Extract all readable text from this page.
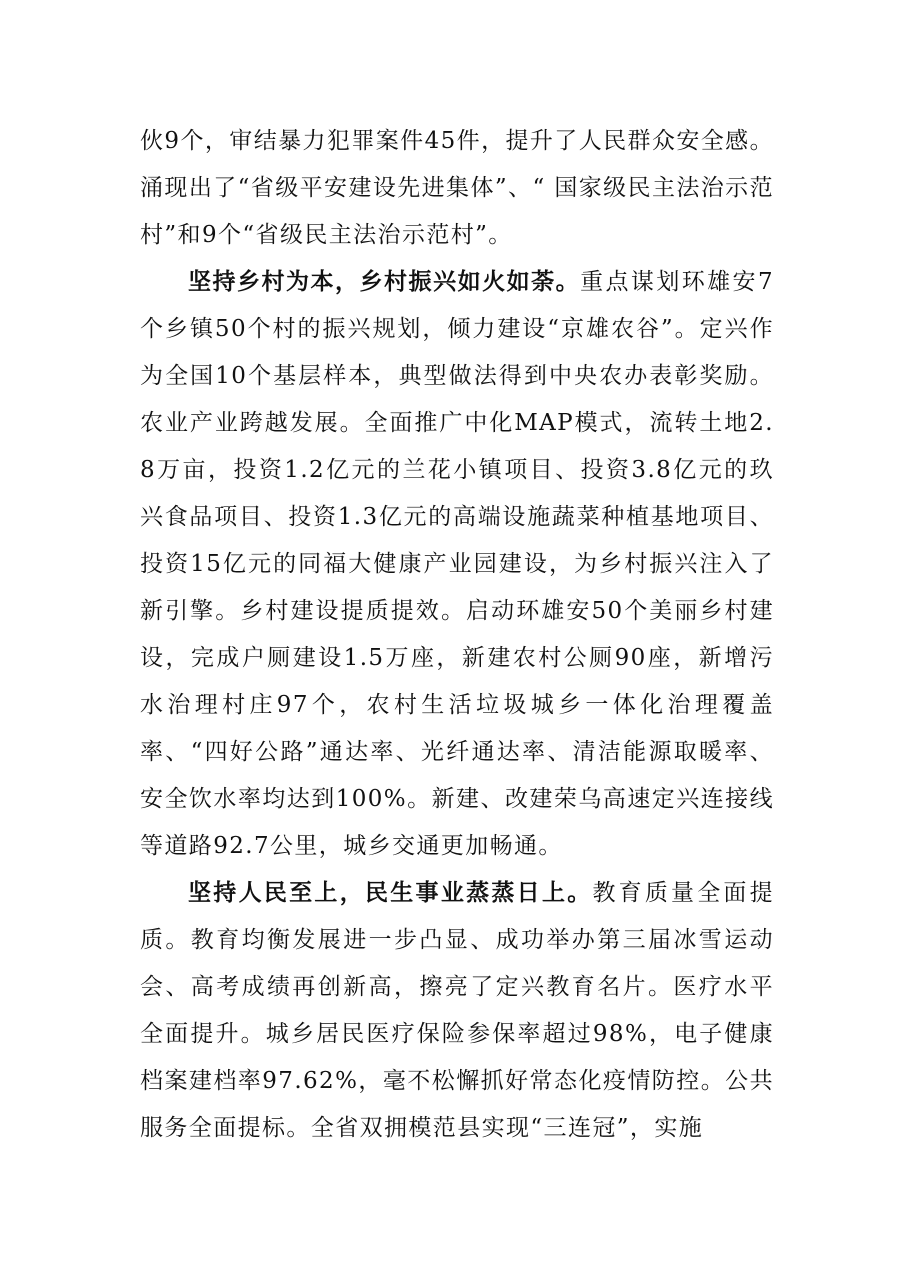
伙9个，审结暴力犯罪案件45件，提升了人民群众安全感。涌现出了“省级平安建设先进集体”、“ 国家级民主法治示范村”和9个“省级民主法治示范村”。

坚持乡村为本，乡村振兴如火如荼。重点谋划环雄安7个乡镇50个村的振兴规划，倾力建设“京雄农谷”。定兴作为全国10个基层样本，典型做法得到中央农办表彰奖励。农业产业跨越发展。全面推广中化MAP模式，流转土地2.8万亩，投资1.2亿元的兰花小镇项目、投资3.8亿元的玖兴食品项目、投资1.3亿元的高端设施蔬菜种植基地项目、投资15亿元的同福大健康产业园建设，为乡村振兴注入了新引擎。乡村建设提质提效。启动环雄安50个美丽乡村建设，完成户厕建设1.5万座，新建农村公厕90座，新增污水治理村庄97个，农村生活垃圾城乡一体化治理覆盖率、“四好公路”通达率、光纤通达率、清洁能源取暖率、安全饮水率均达到100%。新建、改建荣乌高速定兴连接线等道路92.7公里，城乡交通更加畅通。

坚持人民至上，民生事业蒸蒸日上。教育质量全面提质。教育均衡发展进一步凸显、成功举办第三届冰雪运动会、高考成绩再创新高，擦亮了定兴教育名片。医疗水平全面提升。城乡居民医疗保险参保率超过98%，电子健康档案建档率97.62%，毫不松懈抓好常态化疫情防控。公共服务全面提标。全省双拥模范县实现“三连冠”，实施
